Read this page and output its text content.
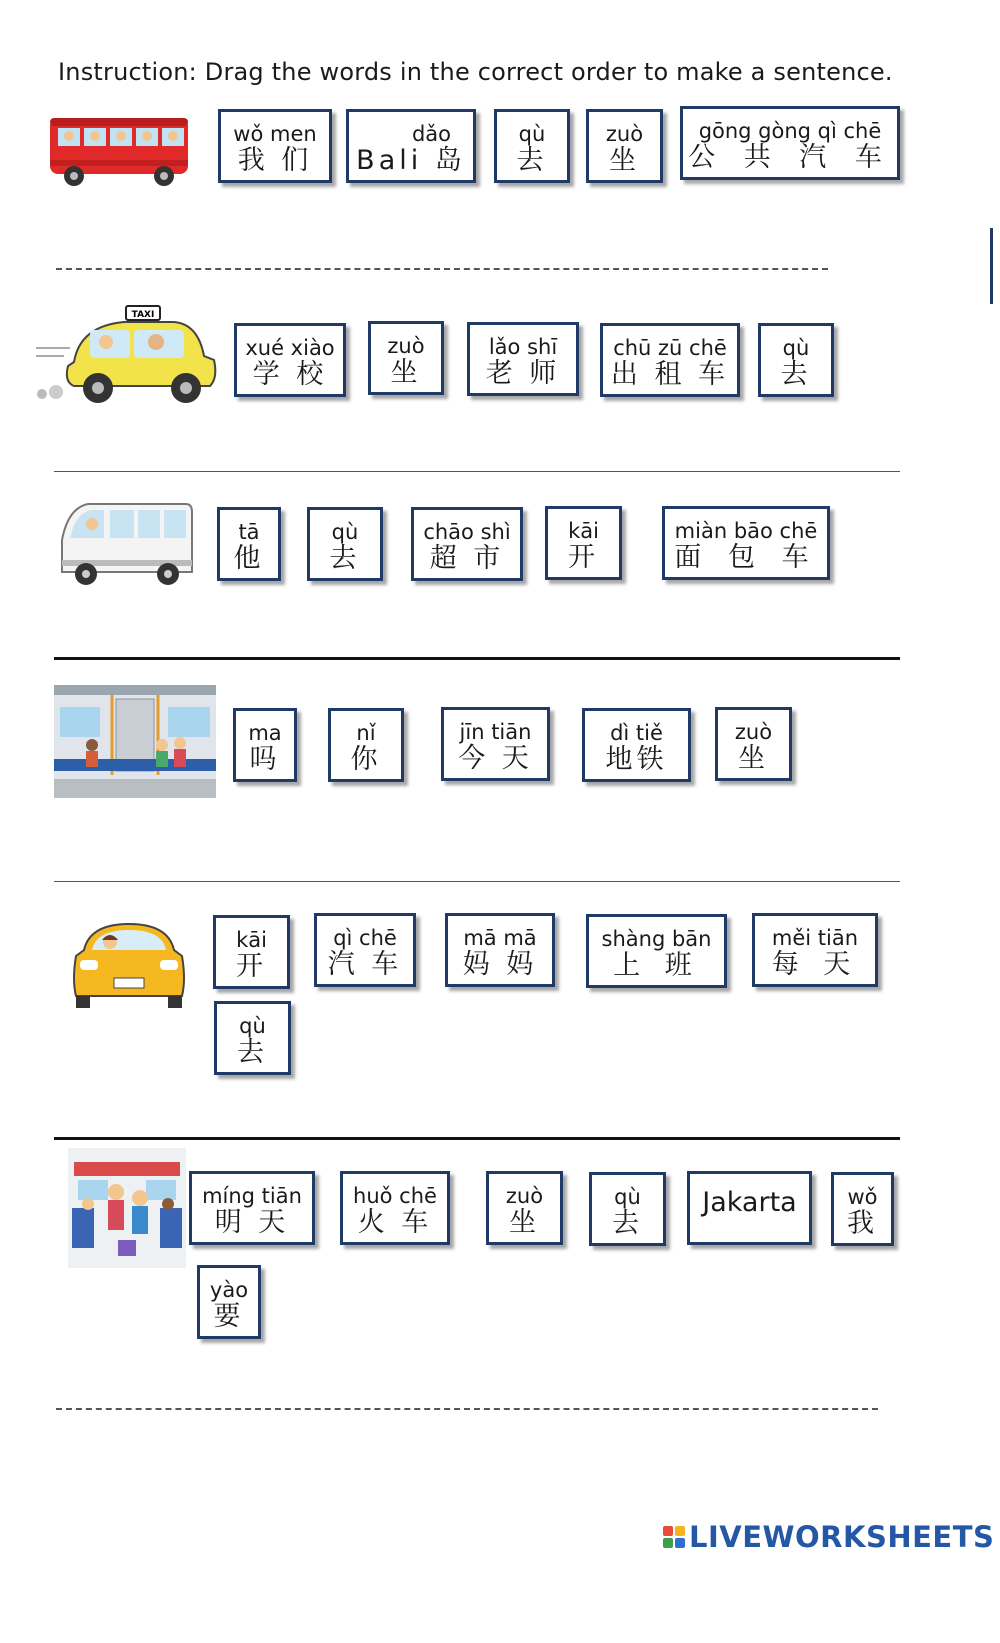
Instruction: Drag the words in the correct order to make a sentence.
TAXI
wǒ men
我 们
dǎo
Bali 岛
qù
去
zuò
坐
gōng gòng qì chē
公 共 汽 车
xué xiào
学 校
zuò
坐
lǎo shī
老 师
chū zū chē
出 租 车
qù
去
tā
他
qù
去
chāo shì
超 市
kāi
开
miàn bāo chē
面 包 车
ma
吗
nǐ
你
jīn tiān
今 天
dì tiě
地铁
zuò
坐
kāi
开
qì chē
汽 车
mā mā
妈 妈
shàng bān
上 班
měi tiān
每 天
qù
去
míng tiān
明 天
huǒ chē
火 车
zuò
坐
qù
去
Jakarta	wǒ
我
yào
要
LIVEWORKSHEETS
